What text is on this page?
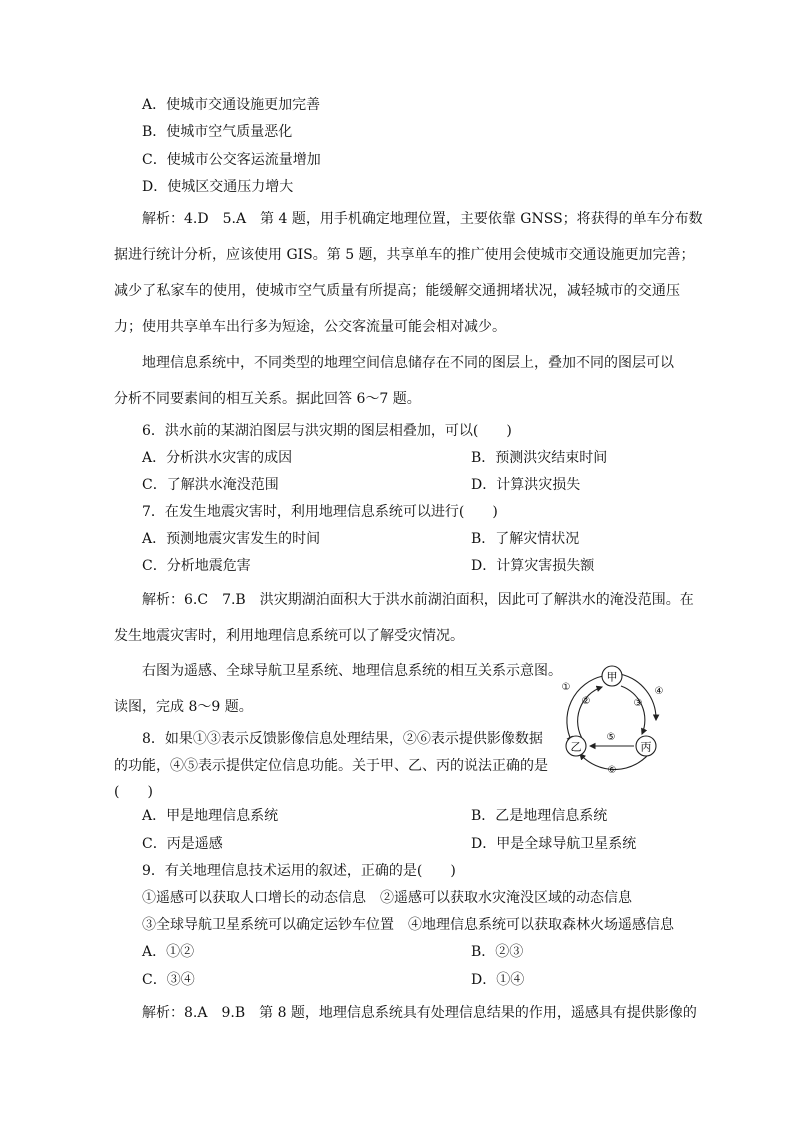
A．使城市交通设施更加完善
B．使城市空气质量恶化
C．使城市公交客运流量增加
D．使城区交通压力增大
解析：4.D　5.A　第 4 题，用手机确定地理位置，主要依靠 GNSS；将获得的单车分布数
据进行统计分析，应该使用 GIS。第 5 题，共享单车的推广使用会使城市交通设施更加完善；
减少了私家车的使用，使城市空气质量有所提高；能缓解交通拥堵状况，减轻城市的交通压
力；使用共享单车出行多为短途，公交客流量可能会相对减少。
地理信息系统中，不同类型的地理空间信息储存在不同的图层上，叠加不同的图层可以
分析不同要素间的相互关系。据此回答 6～7 题。
6．洪水前的某湖泊图层与洪灾期的图层相叠加，可以(　　)
A．分析洪水灾害的成因	B．预测洪灾结束时间
C．了解洪水淹没范围	D．计算洪灾损失
7．在发生地震灾害时，利用地理信息系统可以进行(　　)
A．预测地震灾害发生的时间	B．了解灾情状况
C．分析地震危害	D．计算灾害损失额
解析：6.C　7.B　洪灾期湖泊面积大于洪水前湖泊面积，因此可了解洪水的淹没范围。在
发生地震灾害时，利用地理信息系统可以了解受灾情况。
右图为遥感、全球导航卫星系统、地理信息系统的相互关系示意图。
读图，完成 8～9 题。
8．如果①③表示反馈影像信息处理结果，②⑥表示提供影像数据
的功能，④⑤表示提供定位信息功能。关于甲、乙、丙的说法正确的是
(　　)
A．甲是地理信息系统	B．乙是地理信息系统
C．丙是遥感	D．甲是全球导航卫星系统
甲
乙	丙
①
②	③
④
⑤
⑥
9．有关地理信息技术运用的叙述，正确的是(　　)
①遥感可以获取人口增长的动态信息　②遥感可以获取水灾淹没区域的动态信息
③全球导航卫星系统可以确定运钞车位置　④地理信息系统可以获取森林火场遥感信息
A．①②	B．②③
C．③④	D．①④
解析：8.A　9.B　第 8 题，地理信息系统具有处理信息结果的作用，遥感具有提供影像的
